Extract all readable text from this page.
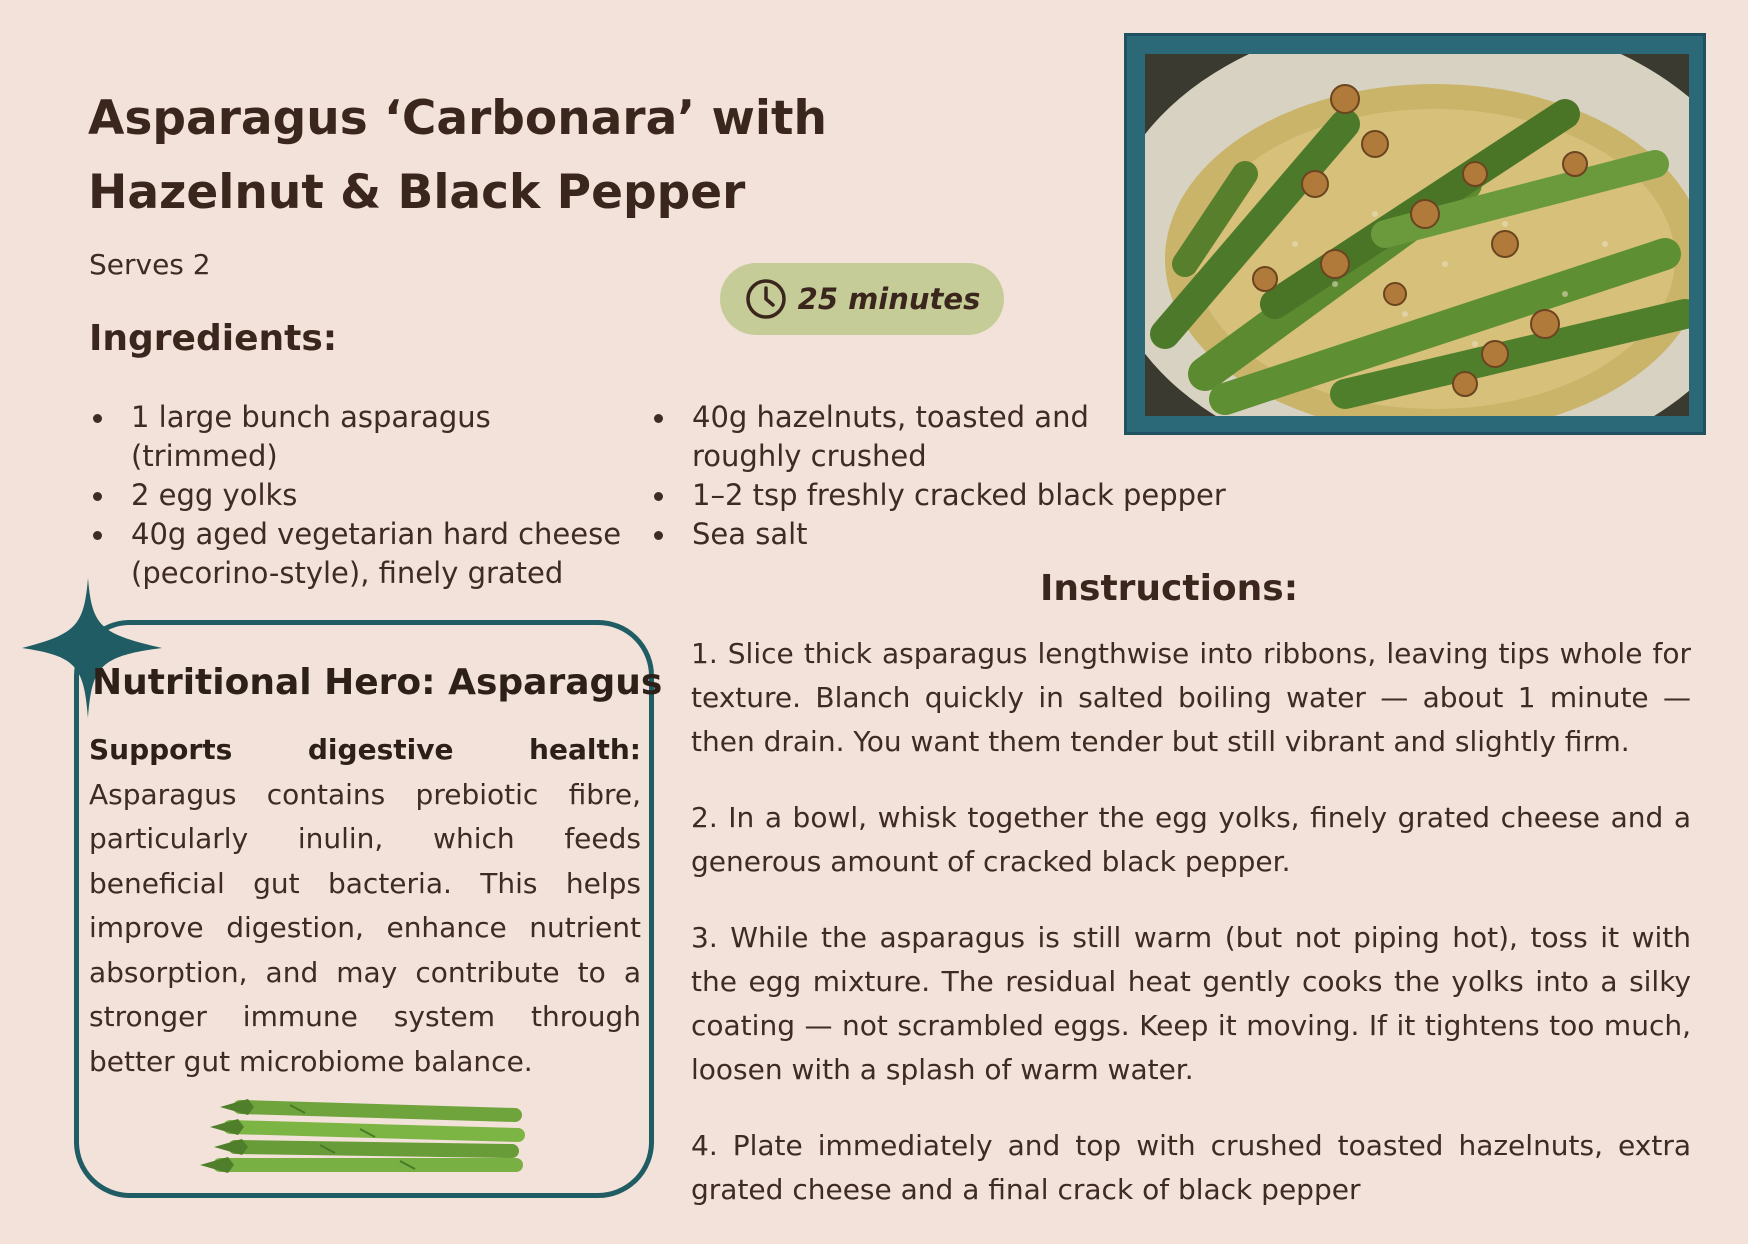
Asparagus ‘Carbonara’ with Hazelnut & Black Pepper
Serves 2
25 minutes
Ingredients:
1 large bunch asparagus (trimmed)
2 egg yolks
40g aged vegetarian hard cheese (pecorino-style), finely grated
40g hazelnuts, toasted and roughly crushed
1–2 tsp freshly cracked black pepper
Sea salt
Instructions:

1. Slice thick asparagus lengthwise into ribbons, leaving tips whole for texture. Blanch quickly in salted boiling water — about 1 minute — then drain. You want them tender but still vibrant and slightly firm.

2. In a bowl, whisk together the egg yolks, finely grated cheese and a generous amount of cracked black pepper.

3. While the asparagus is still warm (but not piping hot), toss it with the egg mixture. The residual heat gently cooks the yolks into a silky coating — not scrambled eggs. Keep it moving. If it tightens too much, loosen with a splash of warm water.

4. Plate immediately and top with crushed toasted hazelnuts, extra grated cheese and a final crack of black pepper

Nutritional Hero: Asparagus

Supports digestive health: Asparagus contains prebiotic fibre, particularly inulin, which feeds beneficial gut bacteria. This helps improve digestion, enhance nutrient absorption, and may contribute to a stronger immune system through better gut microbiome balance.
